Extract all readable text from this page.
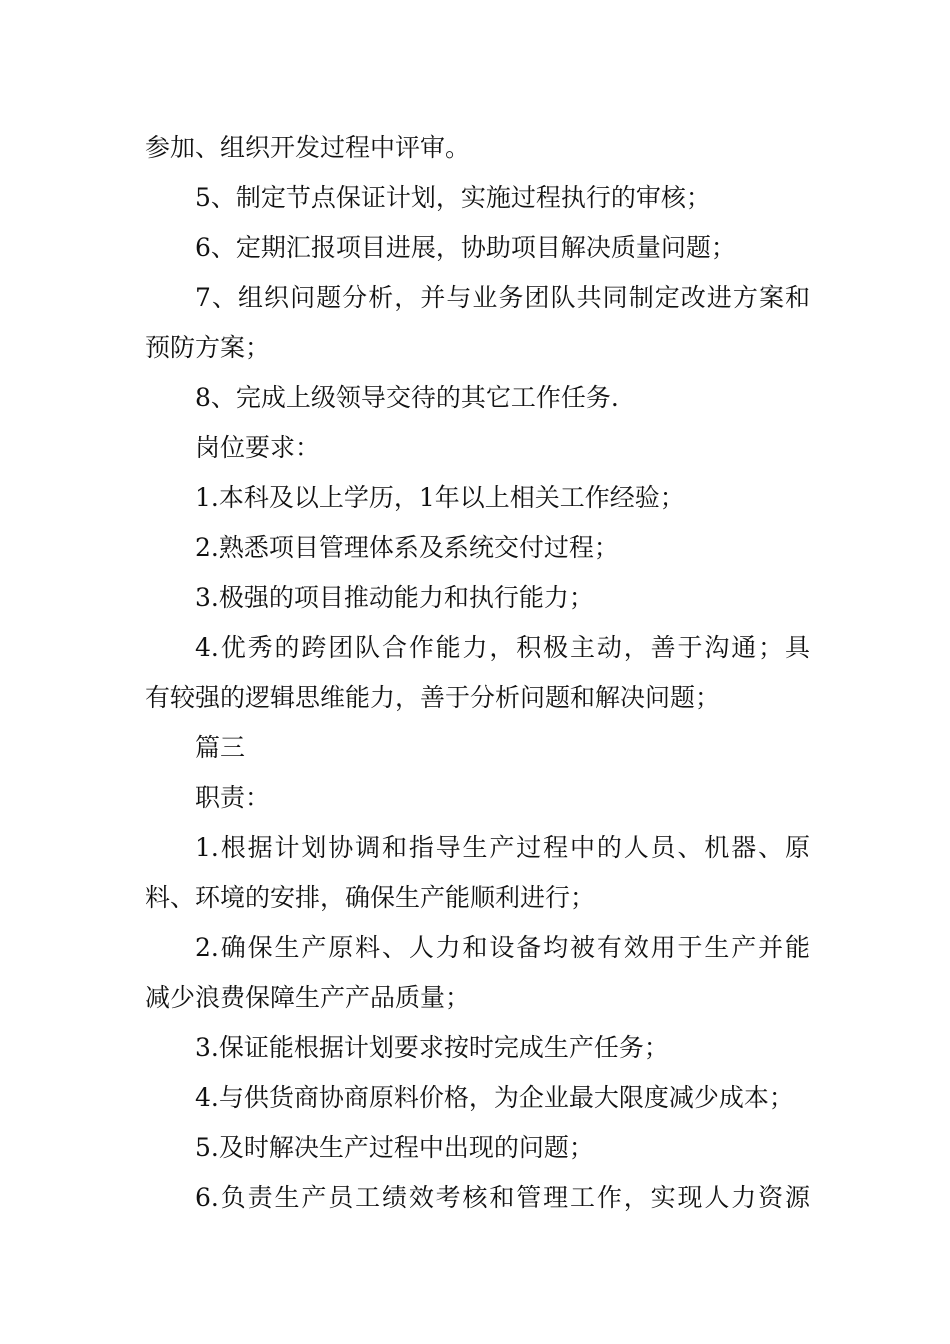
参加、组织开发过程中评审。
5、制定节点保证计划，实施过程执行的审核；
6、定期汇报项目进展，协助项目解决质量问题；
7、组织问题分析，并与业务团队共同制定改进方案和
预防方案；
8、完成上级领导交待的其它工作任务.
岗位要求：
1.本科及以上学历，1年以上相关工作经验；
2.熟悉项目管理体系及系统交付过程；
3.极强的项目推动能力和执行能力；
4.优秀的跨团队合作能力，积极主动，善于沟通；具
有较强的逻辑思维能力，善于分析问题和解决问题；
篇三
职责：
1.根据计划协调和指导生产过程中的人员、机器、原
料、环境的安排，确保生产能顺利进行；
2.确保生产原料、人力和设备均被有效用于生产并能
减少浪费保障生产产品质量；
3.保证能根据计划要求按时完成生产任务；
4.与供货商协商原料价格，为企业最大限度减少成本；
5.及时解决生产过程中出现的问题；
6.负责生产员工绩效考核和管理工作，实现人力资源
